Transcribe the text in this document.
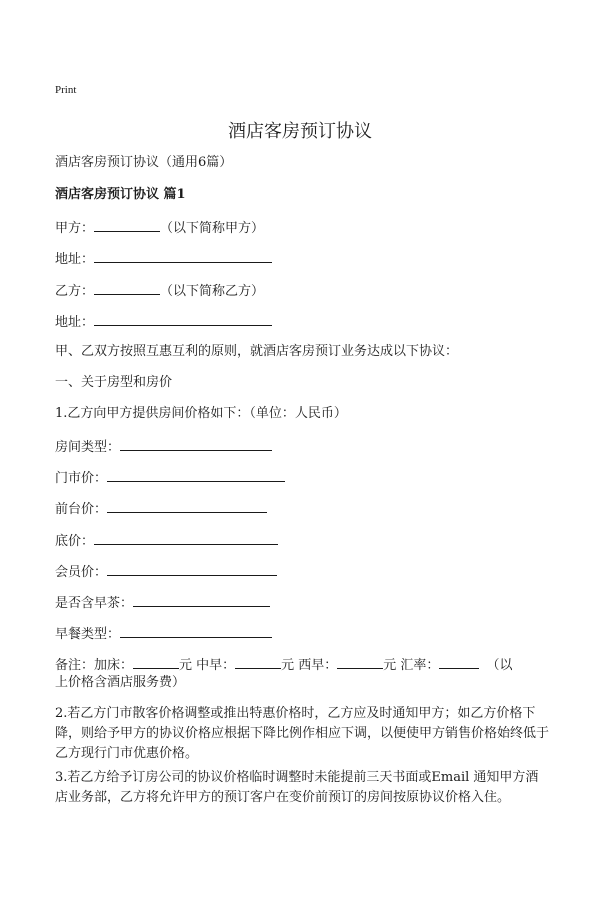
Print
酒店客房预订协议
酒店客房预订协议（通用6篇）
酒店客房预订协议 篇1
甲方：	（以下简称甲方）
地址：
乙方：	（以下简称乙方）
地址：
甲、乙双方按照互惠互利的原则，就酒店客房预订业务达成以下协议：
一、关于房型和房价
1.乙方向甲方提供房间价格如下：（单位：人民币）
房间类型：
门市价：
前台价：
底价：
会员价：
是否含早茶：
早餐类型：
备注：加床：	元 中早：	元 西早：	元 汇率：	（以
上价格含酒店服务费）
2.若乙方门市散客价格调整或推出特惠价格时，乙方应及时通知甲方；如乙方价格下降，则给予甲方的协议价格应根据下降比例作相应下调，以便使甲方销售价格始终低于乙方现行门市优惠价格。
3.若乙方给予订房公司的协议价格临时调整时未能提前三天书面或Email 通知甲方酒店业务部，乙方将允许甲方的预订客户在变价前预订的房间按原协议价格入住。
